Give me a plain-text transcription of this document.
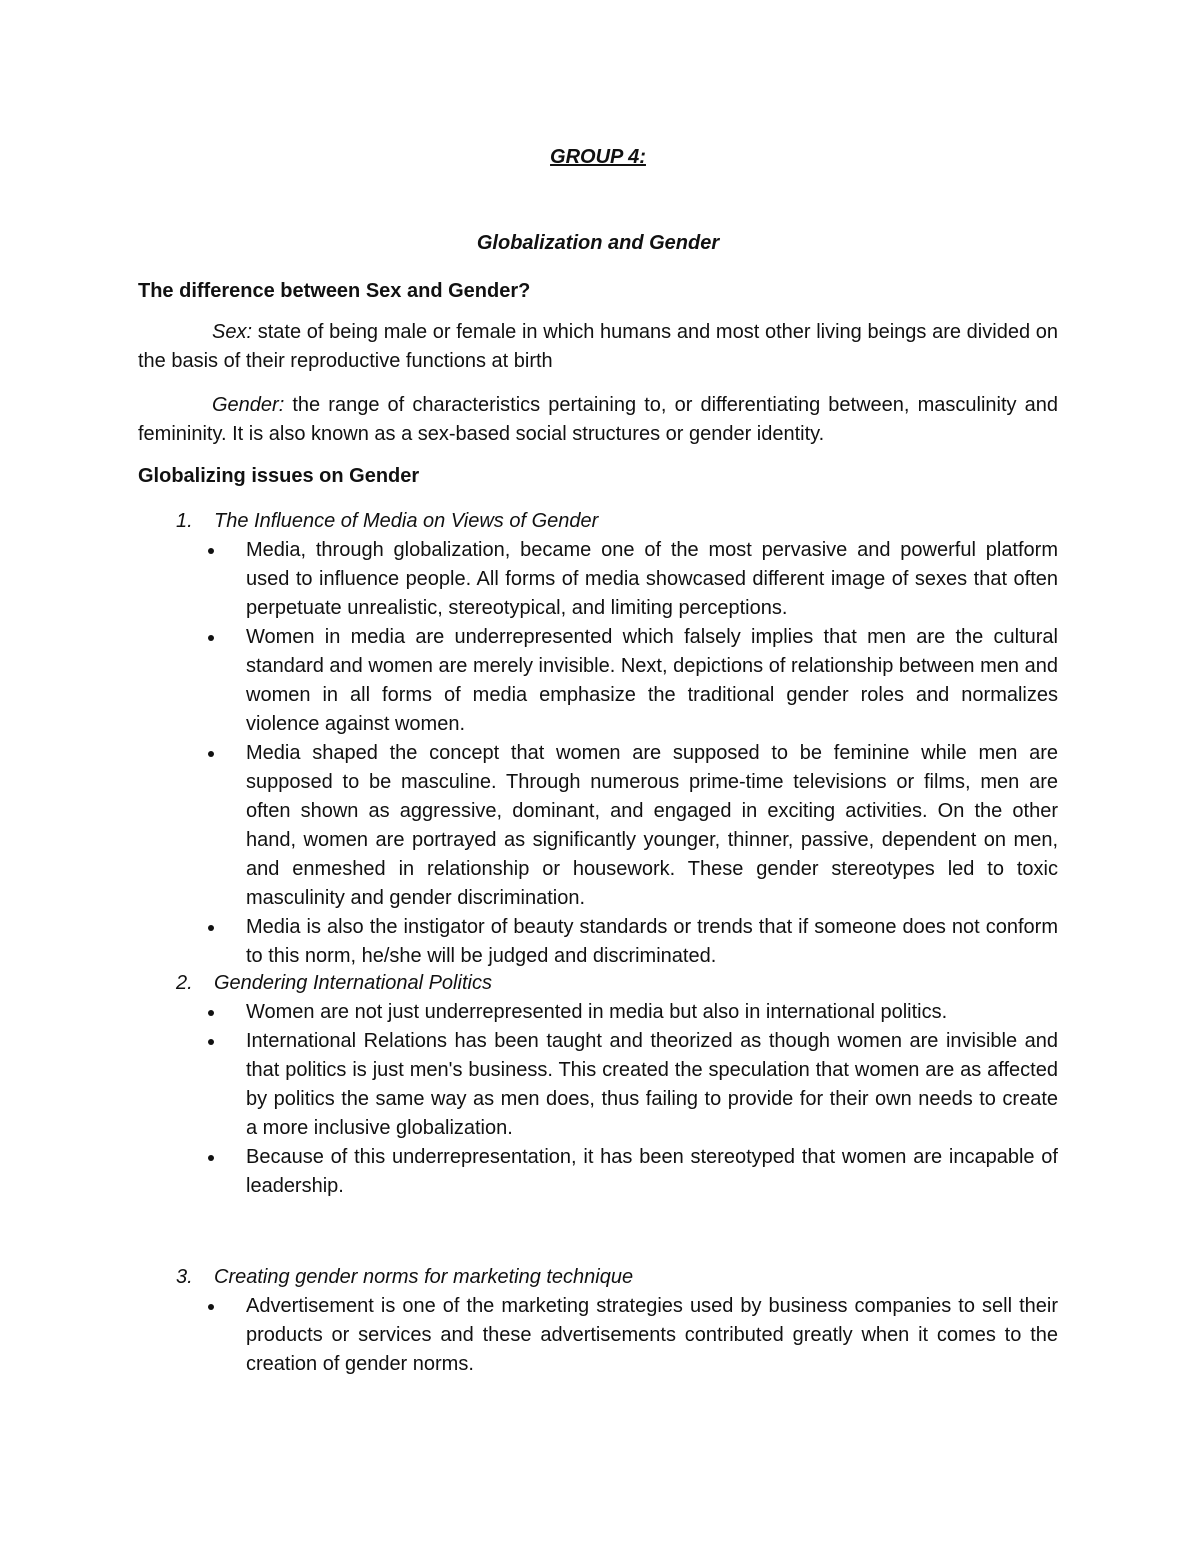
GROUP 4:
Globalization and Gender
The difference between Sex and Gender?

Sex: state of being male or female in which humans and most other living beings are divided on the basis of their reproductive functions at birth

Gender: the range of characteristics pertaining to, or differentiating between, masculinity and femininity. It is also known as a sex-based social structures or gender identity.

Globalizing issues on Gender
1. The Influence of Media on Views of Gender
Media, through globalization, became one of the most pervasive and powerful platform used to influence people. All forms of media showcased different image of sexes that often perpetuate unrealistic, stereotypical, and limiting perceptions.
Women in media are underrepresented which falsely implies that men are the cultural standard and women are merely invisible. Next, depictions of relationship between men and women in all forms of media emphasize the traditional gender roles and normalizes violence against women.
Media shaped the concept that women are supposed to be feminine while men are supposed to be masculine. Through numerous prime-time televisions or films, men are often shown as aggressive, dominant, and engaged in exciting activities. On the other hand, women are portrayed as significantly younger, thinner, passive, dependent on men, and enmeshed in relationship or housework. These gender stereotypes led to toxic masculinity and gender discrimination.
Media is also the instigator of beauty standards or trends that if someone does not conform to this norm, he/she will be judged and discriminated.
2. Gendering International Politics
Women are not just underrepresented in media but also in international politics.
International Relations has been taught and theorized as though women are invisible and that politics is just men's business. This created the speculation that women are as affected by politics the same way as men does, thus failing to provide for their own needs to create a more inclusive globalization.
Because of this underrepresentation, it has been stereotyped that women are incapable of leadership.
3. Creating gender norms for marketing technique
Advertisement is one of the marketing strategies used by business companies to sell their products or services and these advertisements contributed greatly when it comes to the creation of gender norms.
